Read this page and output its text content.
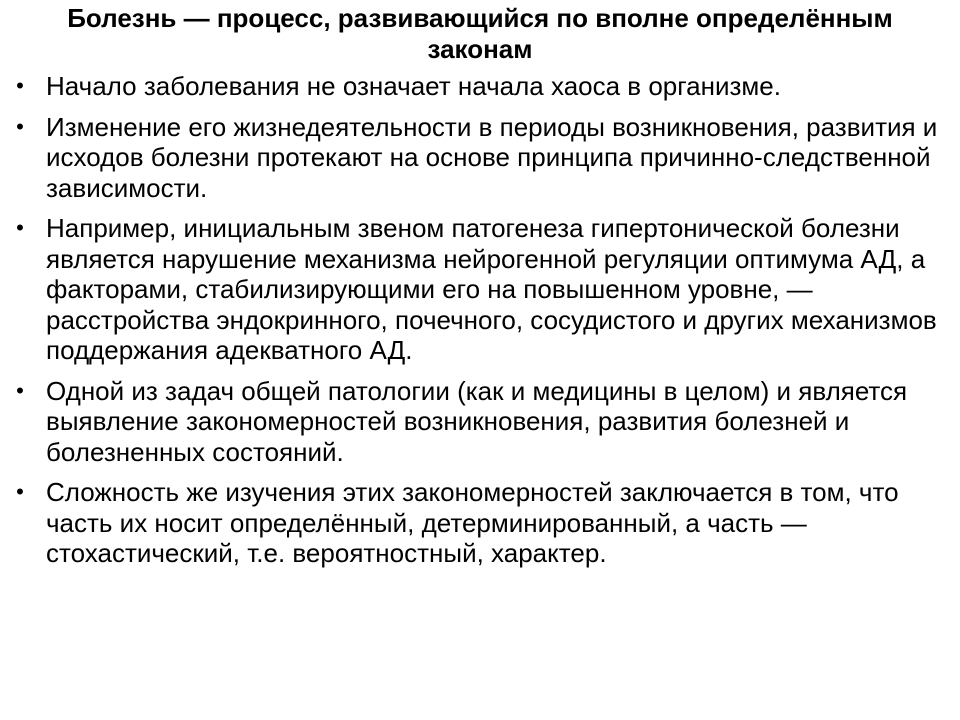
Болезнь — процесс, развивающийся по вполне определённым законам
• Начало заболевания не означает начала хаоса в организме.
• Изменение его жизнедеятельности в периоды возникновения, развития и исходов болезни протекают на основе принципа причинно-следственной зависимости.
• Например, инициальным звеном патогенеза гипертонической болезни является нарушение механизма нейрогенной регуляции оптимума АД, а факторами, стабилизирующими его на повышенном уровне, — расстройства эндокринного, почечного, сосудистого и других механизмов поддержания адекватного АД.
• Одной из задач общей патологии (как и медицины в целом) и является выявление закономерностей возникновения, развития болезней и болезненных состояний.
• Сложность же изучения этих закономерностей заключается в том, что часть их носит определённый, детерминированный, а часть — стохастический, т.е. вероятностный, характер.
